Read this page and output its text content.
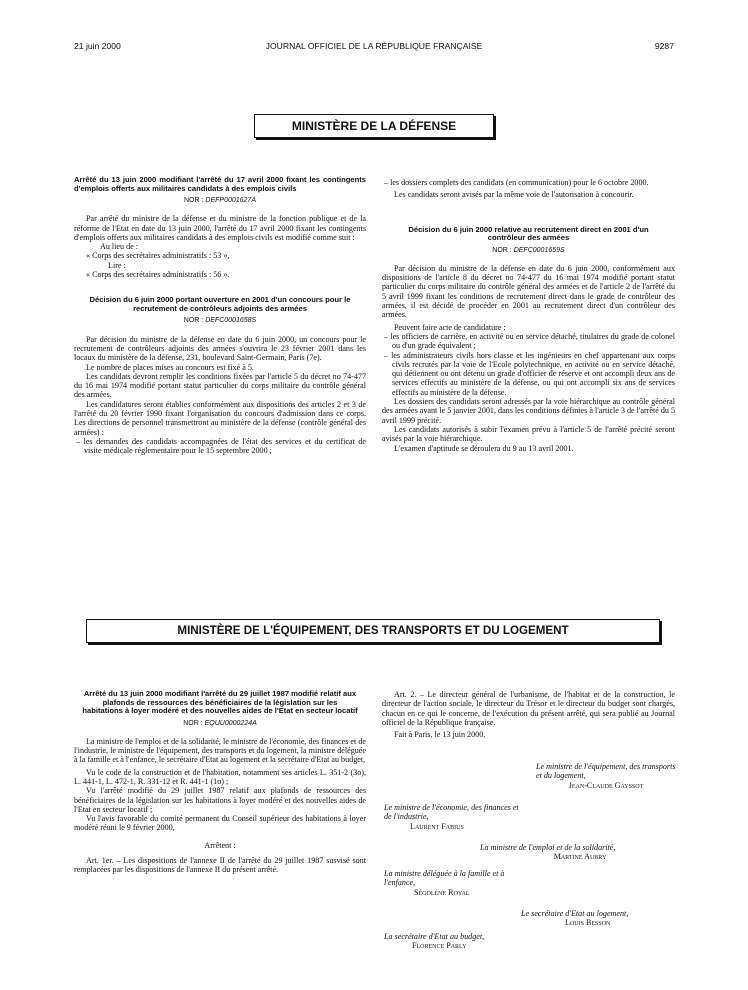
21 juin 2000	JOURNAL OFFICIEL DE LA RÉPUBLIQUE FRANÇAISE	9287
MINISTÈRE DE LA DÉFENSE
Arrêté du 13 juin 2000 modifiant l'arrêté du 17 avril 2000 fixant les contingents d'emplois offerts aux militaires candidats à des emplois civils
NOR : DEFP0001627A

Par arrêté du ministre de la défense et du ministre de la fonction publique et de la réforme de l'Etat en date du 13 juin 2000, l'arrêté du 17 avril 2000 fixant les contingents d'emplois offerts aux militaires candidats à des emplois civils est modifié comme suit :

Au lieu de :

« Corps des secrétaires administratifs : 53 »,

Lire :

« Corps des secrétaires administratifs : 56 ».

Décision du 6 juin 2000 portant ouverture en 2001 d'un concours pour le recrutement de contrôleurs adjoints des armées
NOR : DEFC0001658S

Par décision du ministre de la défense en date du 6 juin 2000, un concours pour le recrutement de contrôleurs adjoints des armées s'ouvrira le 23 février 2001 dans les locaux du ministère de la défense, 231, boulevard Saint-Germain, Paris (7e).

Le nombre de places mises au concours est fixé à 5.

Les candidats devront remplir les conditions fixées par l'article 5 du décret no 74-477 du 16 mai 1974 modifié portant statut particulier du corps militaire du contrôle général des armées.

Les candidatures seront établies conformément aux dispositions des articles 2 et 3 de l'arrêté du 20 février 1990 fixant l'organisation du concours d'admission dans ce corps. Les directions de personnel transmettront au ministère de la défense (contrôle général des armées) :

– les demandes des candidats accompagnées de l'état des services et du certificat de visite médicale réglementaire pour le 15 septembre 2000 ;

– les dossiers complets des candidats (en communication) pour le 6 octobre 2000.

Les candidats seront avisés par la même voie de l'autorisation à concourir.

Décision du 6 juin 2000 relative au recrutement direct en 2001 d'un contrôleur des armées
NOR : DEFC0001659S

Par décision du ministre de la défense en date du 6 juin 2000, conformément aux dispositions de l'article 8 du décret no 74-477 du 16 mai 1974 modifié portant statut particulier du corps militaire du contrôle général des armées et de l'article 2 de l'arrêté du 5 avril 1999 fixant les conditions de recrutement direct dans le grade de contrôleur des armées, il est décidé de procéder en 2001 au recrutement direct d'un contrôleur des armées.

Peuvent faire acte de candidature :

– les officiers de carrière, en activité ou en service détaché, titulaires du grade de colonel ou d'un grade équivalent ;

– les administrateurs civils hors classe et les ingénieurs en chef appartenant aux corps civils recrutés par la voie de l'Ecole polytechnique, en activité ou en service détaché, qui détiennent ou ont détenu un grade d'officier de réserve et ont accompli deux ans de services effectifs au ministère de la défense, ou qui ont accompli six ans de services effectifs au ministère de la défense.

Les dossiers des candidats seront adressés par la voie hiérarchique au contrôle général des armées avant le 5 janvier 2001, dans les conditions définies à l'article 3 de l'arrêté du 5 avril 1999 précité.

Les candidats autorisés à subir l'examen prévu à l'article 5 de l'arrêté précité seront avisés par la voie hiérarchique.

L'examen d'aptitude se déroulera du 9 au 13 avril 2001.

MINISTÈRE DE L'ÉQUIPEMENT, DES TRANSPORTS ET DU LOGEMENT
Arrêté du 13 juin 2000 modifiant l'arrêté du 29 juillet 1987 modifié relatif aux plafonds de ressources des bénéficiaires de la législation sur les habitations à loyer modéré et des nouvelles aides de l'Etat en secteur locatif
NOR : EQUU0000224A

La ministre de l'emploi et de la solidarité, le ministre de l'économie, des finances et de l'industrie, le ministre de l'équipement, des transports et du logement, la ministre déléguée à la famille et à l'enfance, le secrétaire d'Etat au logement et la secrétaire d'Etat au budget,

Vu le code de la construction et de l'habitation, notamment ses articles L. 351-2 (3o), L. 441-1, L. 472-1, R. 331-12 et R. 441-1 (1o) ;

Vu l'arrêté modifié du 29 juillet 1987 relatif aux plafonds de ressources des bénéficiaires de la législation sur les habitations à loyer modéré et des nouvelles aides de l'Etat en secteur locatif ;

Vu l'avis favorable du comité permanent du Conseil supérieur des habitations à loyer modéré réuni le 9 février 2000,

Arrêtent :

Art. 1er. – Les dispositions de l'annexe II de l'arrêté du 29 juillet 1987 susvisé sont remplacées par les dispositions de l'annexe II du présent arrêté.

Art. 2. – Le directeur général de l'urbanisme, de l'habitat et de la construction, le directeur de l'action sociale, le directeur du Trésor et le directeur du budget sont chargés, chacun en ce qui le concerne, de l'exécution du présent arrêté, qui sera publié au Journal officiel de la République française.

Fait à Paris, le 13 juin 2000.

Le ministre de l'équipement, des transports et du logement,
Jean-Claude Gayssot
Le ministre de l'économie, des finances et de l'industrie,
Laurent Fabius
La ministre de l'emploi et de la solidarité,
Martine Aubry
La ministre déléguée à la famille et à l'enfance,
Ségolène Royal
Le secrétaire d'Etat au logement,
Louis Besson
La secrétaire d'Etat au budget,
Florence Parly
